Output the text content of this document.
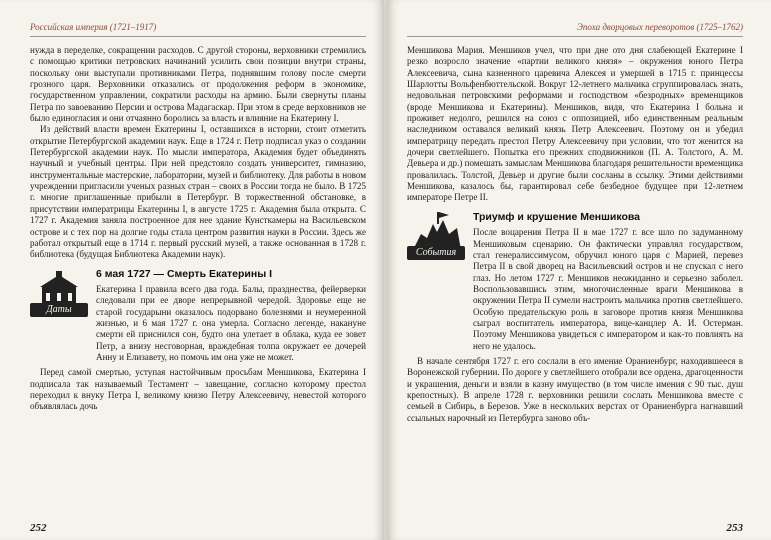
Российская империя (1721–1917)

нужда в переделке, сокращении расходов. С другой стороны, верховники стремились с помощью критики петровских начинаний усилить свои позиции внутри страны, поскольку они выступали противниками Петра, поднявшим голову после смерти грозного царя. Верховники отказались от продолжения реформ в экономике, государственном управлении, сократили расходы на армию. Были свернуты планы Петра по завоеванию Персии и острова Мадагаскар. При этом в среде верховников не было единогласия и они отчаянно боролись за власть и влияние на Екатерину I.

Из действий власти времен Екатерины I, оставшихся в истории, стоит отметить открытие Петербургской академии наук. Еще в 1724 г. Петр подписал указ о создании Петербургской академии наук. По мысли императора, Академия будет объединять научный и учебный центры. При ней предстояло создать университет, гимназию, инструментальные мастерские, лаборатории, музей и библиотеку. Для работы в новом учреждении пригласили ученых разных стран – своих в России тогда не было. В 1725 г. многие приглашенные прибыли в Петербург. В торжественной обстановке, в присутствии императрицы Екатерины I, в августе 1725 г. Академия была открыта. С 1727 г. Академия заняла построенное для нее здание Кунсткамеры на Васильевском острове и с тех пор на долгие годы стала центром развития науки в России. Здесь же работал открытый еще в 1714 г. первый русский музей, а также основанная в 1728 г. библиотека (будущая Библиотека Академии наук).

Даты
6 мая 1727 — Смерть Екатерины I

Екатерина I правила всего два года. Балы, празднества, фейерверки следовали при ее дворе непрерывной чередой. Здоровье еще не старой государыни оказалось подорвано болезнями и неумеренной жизнью, и 6 мая 1727 г. она умерла. Согласно легенде, накануне смерти ей приснился сон, будто она улетает в облака, куда ее зовет Петр, а внизу несговорная, враждебная толпа окружает ее дочерей Анну и Елизавету, но помочь им она уже не может.

Перед самой смертью, уступая настойчивым просьбам Меншикова, Екатерина I подписала так называемый Тестамент – завещание, согласно которому престол переходил к внуку Петра I, великому князю Петру Алексеевичу, невестой которого объявлялась дочь

252
Эпоха дворцовых переворотов (1725–1762)

Меншикова Мария. Меншиков учел, что при дне ото дня слабеющей Екатерине I резко возросло значение «партии великого князя» – окружения юного Петра Алексеевича, сына казненного царевича Алексея и умершей в 1715 г. принцессы Шарлотты Вольфенбюттельской. Вокруг 12-летнего мальчика сгруппировалась знать, недовольная петровскими реформами и господством «безродных» временщиков (вроде Меншикова и Екатерины). Меншиков, видя, что Екатерина I больна и проживет недолго, решился на союз с оппозицией, ибо единственным реальным наследником оставался великий князь Петр Алексеевич. Поэтому он и убедил императрицу передать престол Петру Алексеевичу при условии, что тот женится на дочери светлейшего. Попытка его прежних сподвижников (П. А. Толстого, А. М. Девьера и др.) помешать замыслам Меншикова благодаря решительности временщика провалилась. Толстой, Девьер и другие были сосланы в ссылку. Этими действиями Меншикова, казалось бы, гарантировал себе безбедное будущее при 12-летнем императоре Петре II.

События
Триумф и крушение Меншикова

После воцарения Петра II в мае 1727 г. все шло по задуманному Меншиковым сценарию. Он фактически управлял государством, стал генералиссимусом, обручил юного царя с Марией, перевез Петра II в свой дворец на Васильевский остров и не спускал с него глаз. Но летом 1727 г. Меншиков неожиданно и серьезно заболел. Воспользовавшись этим, многочисленные враги Меншикова в окружении Петра II сумели настроить мальчика против светлейшего. Особую предательскую роль в заговоре против князя Меншикова сыграл воспитатель императора, вице-канцлер А. И. Остерман. Поэтому Меншикова увидеться с императором и как-то повлиять на него не удалось.

В начале сентября 1727 г. его сослали в его имение Ораниенбург, находившееся в Воронежской губернии. По дороге у светлейшего отобрали все ордена, драгоценности и украшения, деньги и взяли в казну имущество (в том числе имения с 90 тыс. душ крепостных). В апреле 1728 г. верховники решили сослать Меншикова вместе с семьей в Сибирь, в Березов. Уже в нескольких верстах от Ораниенбурга нагнавший ссыльных нарочный из Петербурга заново объ-

253
